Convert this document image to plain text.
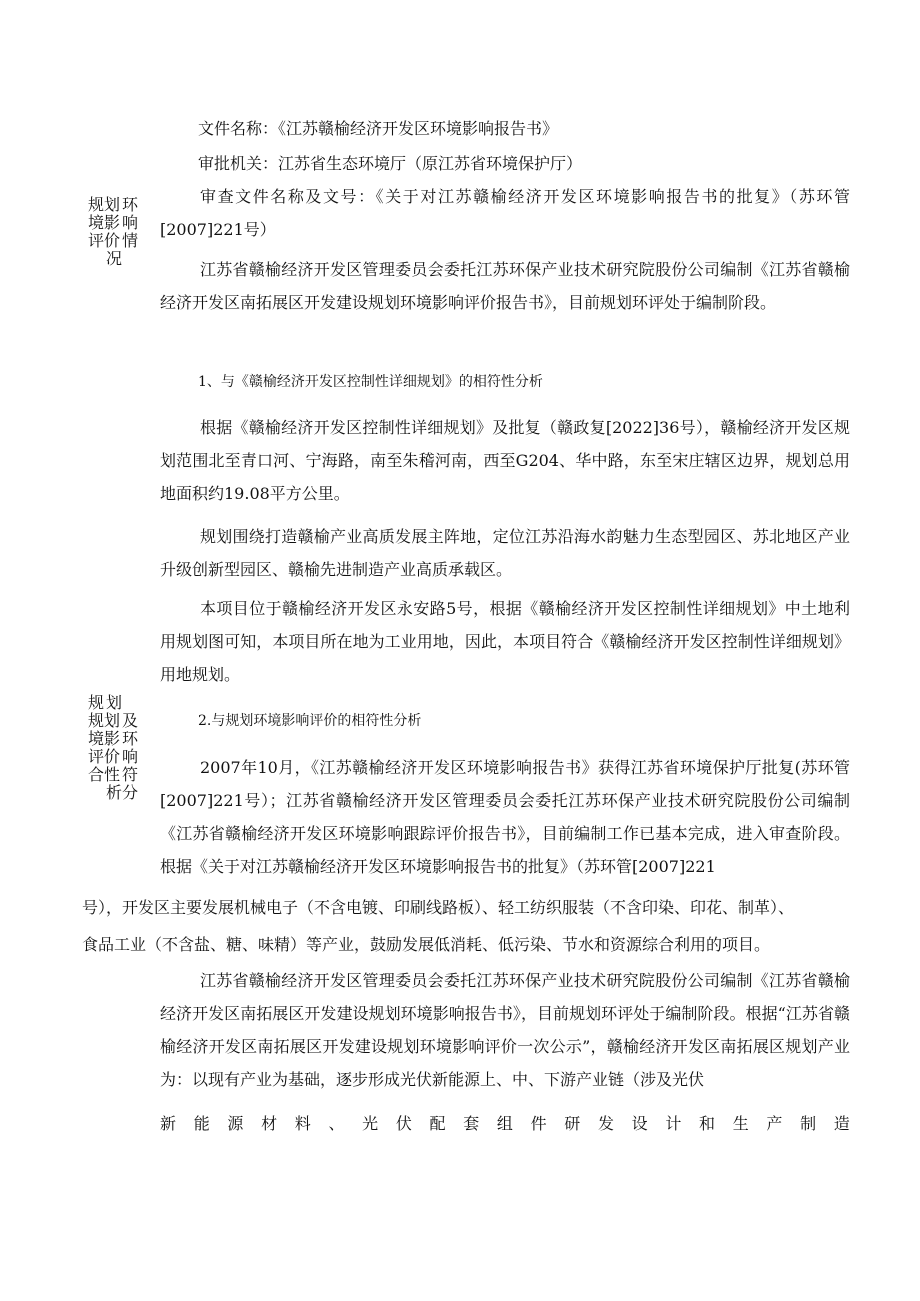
规划 环
境影 响
评价 情
况
规 划
规划 及
环
境影
响
评价
符
合性
分
析
文件名称：《江苏赣榆经济开发区环境影响报告书》
审批机关：江苏省生态环境厅（原江苏省环境保护厅）
审查文件名称及文号：《关于对江苏赣榆经济开发区环境影响报告书的批复》（苏环管[2007]221号）
江苏省赣榆经济开发区管理委员会委托江苏环保产业技术研究院股份公司编制《江苏省赣榆经济开发区南拓展区开发建设规划环境影响评价报告书》，目前规划环评处于编制阶段。
1、与《赣榆经济开发区控制性详细规划》的相符性分析
根据《赣榆经济开发区控制性详细规划》及批复（赣政复[2022]36号），赣榆经济开发区规划范围北至青口河、宁海路，南至朱稽河南，西至G204、华中路，东至宋庄辖区边界，规划总用地面积约19.08平方公里。
规划围绕打造赣榆产业高质发展主阵地，定位江苏沿海水韵魅力生态型园区、苏北地区产业升级创新型园区、赣榆先进制造产业高质承载区。
本项目位于赣榆经济开发区永安路5号，根据《赣榆经济开发区控制性详细规划》中土地利用规划图可知，本项目所在地为工业用地，因此，本项目符合《赣榆经济开发区控制性详细规划》用地规划。
2.与规划环境影响评价的相符性分析
2007年10月，《江苏赣榆经济开发区环境影响报告书》获得江苏省环境保护厅批复(苏环管[2007]221号）；江苏省赣榆经济开发区管理委员会委托江苏环保产业技术研究院股份公司编制《江苏省赣榆经济开发区环境影响跟踪评价报告书》，目前编制工作已基本完成，进入审查阶段。根据《关于对江苏赣榆经济开发区环境影响报告书的批复》（苏环管[2007]221
号），开发区主要发展机械电子（不含电镀、印刷线路板）、轻工纺织服装（不含印染、印花、制革）、
食品工业（不含盐、糖、味精）等产业，鼓励发展低消耗、低污染、节水和资源综合利用的项目。
江苏省赣榆经济开发区管理委员会委托江苏环保产业技术研究院股份公司编制《江苏省赣榆经济开发区南拓展区开发建设规划环境影响报告书》，目前规划环评处于编制阶段。根据“江苏省赣榆经济开发区南拓展区开发建设规划环境影响评价一次公示”，赣榆经济开发区南拓展区规划产业为：以现有产业为基础，逐步形成光伏新能源上、中、下游产业链（涉及光伏
新 能 源 材 料 、 光 伏 配 套 组 件 研 发 设 计 和 生 产 制 造
